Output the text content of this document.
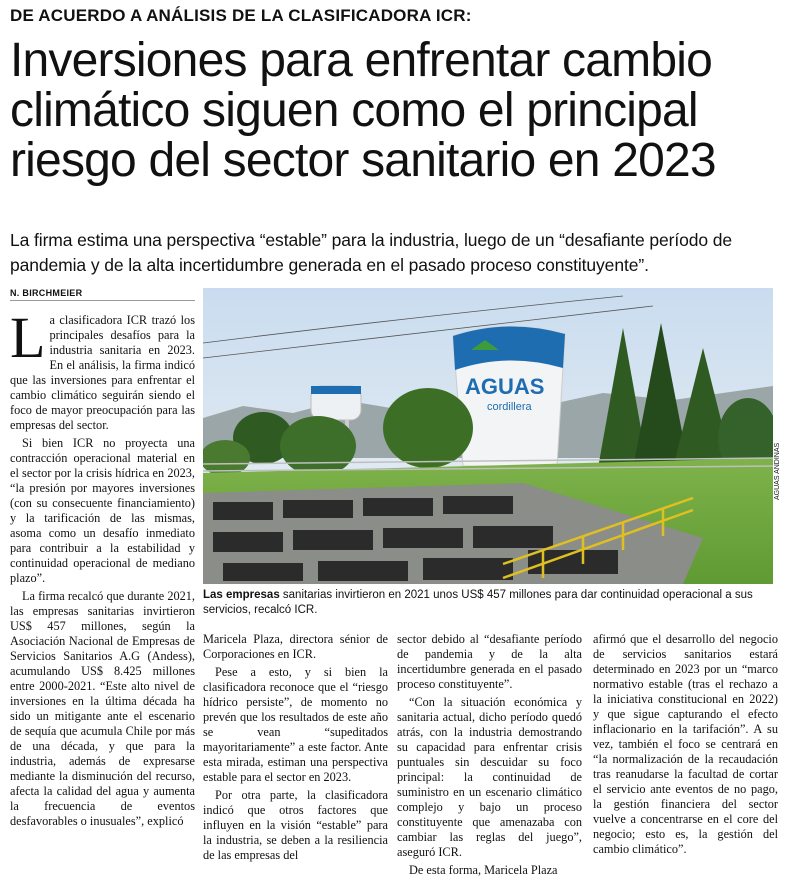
DE ACUERDO A ANÁLISIS DE LA CLASIFICADORA ICR:
Inversiones para enfrentar cambio climático siguen como el principal riesgo del sector sanitario en 2023
La firma estima una perspectiva “estable” para la industria, luego de un “desafiante período de pandemia y de la alta incertidumbre generada en el pasado proceso constituyente”.
N. BIRCHMEIER
AGUAS
cordillera
AGUAS ANDINAS
Las empresas sanitarias invirtieron en 2021 unos US$ 457 millones para dar continuidad operacional a sus servicios, recalcó ICR.

La clasificadora ICR trazó los principales desafíos para la industria sanitaria en 2023. En el análisis, la firma indicó que las inversiones para enfrentar el cambio climático seguirán siendo el foco de mayor preocupación para las empresas del sector.

Si bien ICR no proyecta una contracción operacional material en el sector por la crisis hídrica en 2023, “la presión por mayores inversiones (con su consecuente financiamiento) y la tarificación de las mismas, asoma como un desafío inmediato para contribuir a la estabilidad y continuidad operacional de mediano plazo”.

La firma recalcó que durante 2021, las empresas sanitarias invirtieron US$ 457 millones, según la Asociación Nacional de Empresas de Servicios Sanitarios A.G (Andess), acumulando US$ 8.425 millones entre 2000-2021. “Este alto nivel de inversiones en la última década ha sido un mitigante ante el escenario de sequía que acumula Chile por más de una década, y que para la industria, además de expresarse mediante la disminución del recurso, afecta la calidad del agua y aumenta la frecuencia de eventos desfavorables o inusuales”, explicó

Maricela Plaza, directora sénior de Corporaciones en ICR.

Pese a esto, y si bien la clasificadora reconoce que el “riesgo hídrico persiste”, de momento no prevén que los resultados de este año se vean “supeditados mayoritariamente” a este factor. Ante esta mirada, estiman una perspectiva estable para el sector en 2023.

Por otra parte, la clasificadora indicó que otros factores que influyen en la visión “estable” para la industria, se deben a la resiliencia de las empresas del

sector debido al “desafiante período de pandemia y de la alta incertidumbre generada en el pasado proceso constituyente”.

“Con la situación económica y sanitaria actual, dicho período quedó atrás, con la industria demostrando su capacidad para enfrentar crisis puntuales sin descuidar su foco principal: la continuidad de suministro en un escenario climático complejo y bajo un proceso constituyente que amenazaba con cambiar las reglas del juego”, aseguró ICR.

De esta forma, Maricela Plaza

afirmó que el desarrollo del negocio de servicios sanitarios estará determinado en 2023 por un “marco normativo estable (tras el rechazo a la iniciativa constitucional en 2022) y que sigue capturando el efecto inflacionario en la tarifación”. A su vez, también el foco se centrará en “la normalización de la recaudación tras reanudarse la facultad de cortar el servicio ante eventos de no pago, la gestión financiera del sector vuelve a concentrarse en el core del negocio; esto es, la gestión del cambio climático”.
